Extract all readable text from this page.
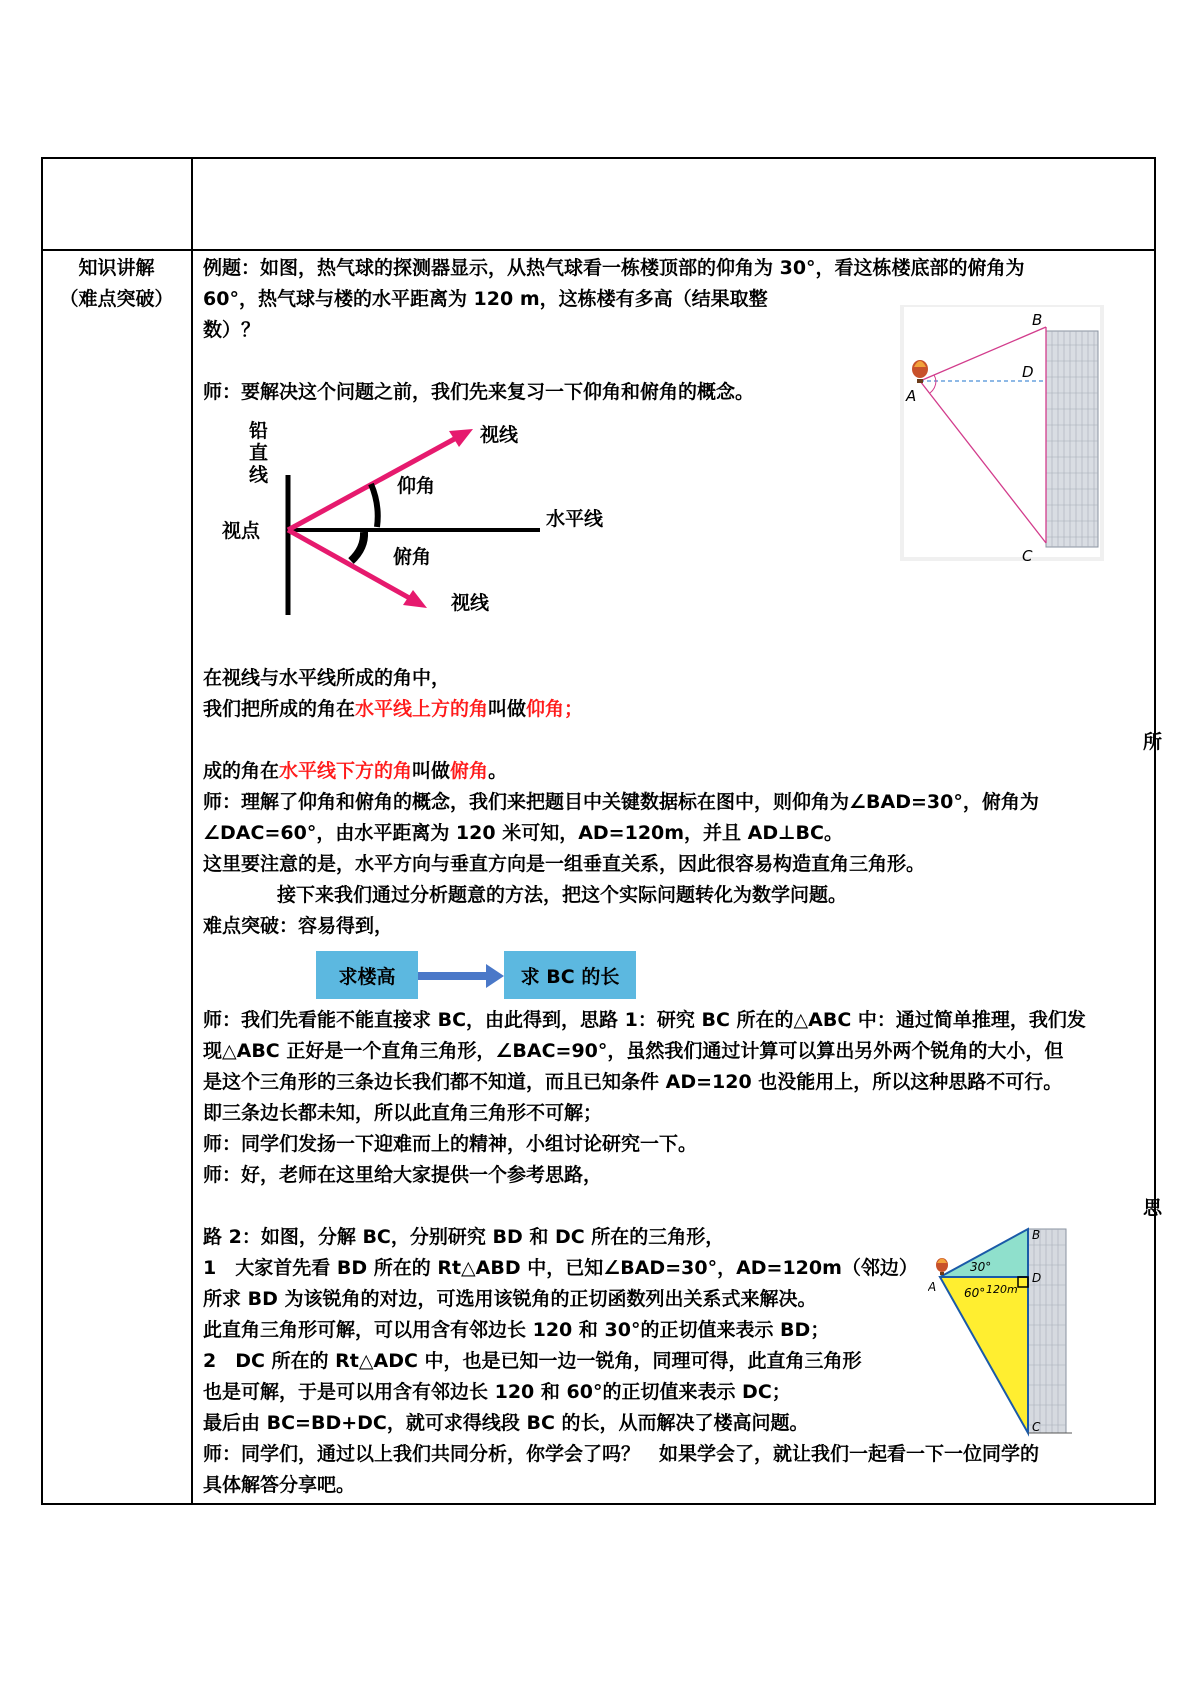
知识讲解
（难点突破）
例题：如图，热气球的探测器显示，从热气球看一栋楼顶部的仰角为 30°，看这栋楼底部的俯角为
60°，热气球与楼的水平距离为 120 m，这栋楼有多高（结果取整
数）？
师：要解决这个问题之前，我们先来复习一下仰角和俯角的概念。
B
D
A
C
铅
直
线
视线
仰角
水平线
视点
俯角
视线
在视线与水平线所成的角中，
我们把所成的角在水平线上方的角叫做仰角；
所
成的角在水平线下方的角叫做俯角。
师：理解了仰角和俯角的概念，我们来把题目中关键数据标在图中，则仰角为∠BAD=30°，俯角为
∠DAC=60°，由水平距离为 120 米可知，AD=120m，并且 AD⊥BC。
这里要注意的是，水平方向与垂直方向是一组垂直关系，因此很容易构造直角三角形。
接下来我们通过分析题意的方法，把这个实际问题转化为数学问题。
难点突破：容易得到，
求楼高	求 BC 的长
师：我们先看能不能直接求 BC，由此得到，思路 1：研究 BC 所在的△ABC 中：通过简单推理，我们发
现△ABC 正好是一个直角三角形，∠BAC=90°，虽然我们通过计算可以算出另外两个锐角的大小，但
是这个三角形的三条边长我们都不知道，而且已知条件 AD=120 也没能用上，所以这种思路不可行。
即三条边长都未知，所以此直角三角形不可解；
师：同学们发扬一下迎难而上的精神，小组讨论研究一下。
师：好，老师在这里给大家提供一个参考思路，
思
路 2：如图，分解 BC，分别研究 BD 和 DC 所在的三角形，
1　大家首先看 BD 所在的 Rt△ABD 中，已知∠BAD=30°，AD=120m（邻边）
所求 BD 为该锐角的对边，可选用该锐角的正切函数列出关系式来解决。
此直角三角形可解，可以用含有邻边长 120 和 30°的正切值来表示 BD；
2　DC 所在的 Rt△ADC 中，也是已知一边一锐角，同理可得，此直角三角形
也是可解，于是可以用含有邻边长 120 和 60°的正切值来表示 DC；
最后由 BC=BD+DC，就可求得线段 BC 的长，从而解决了楼高问题。
师：同学们，通过以上我们共同分析，你学会了吗？　如果学会了，就让我们一起看一下一位同学的
具体解答分享吧。
B
D
A
C
30°
60° 120m
